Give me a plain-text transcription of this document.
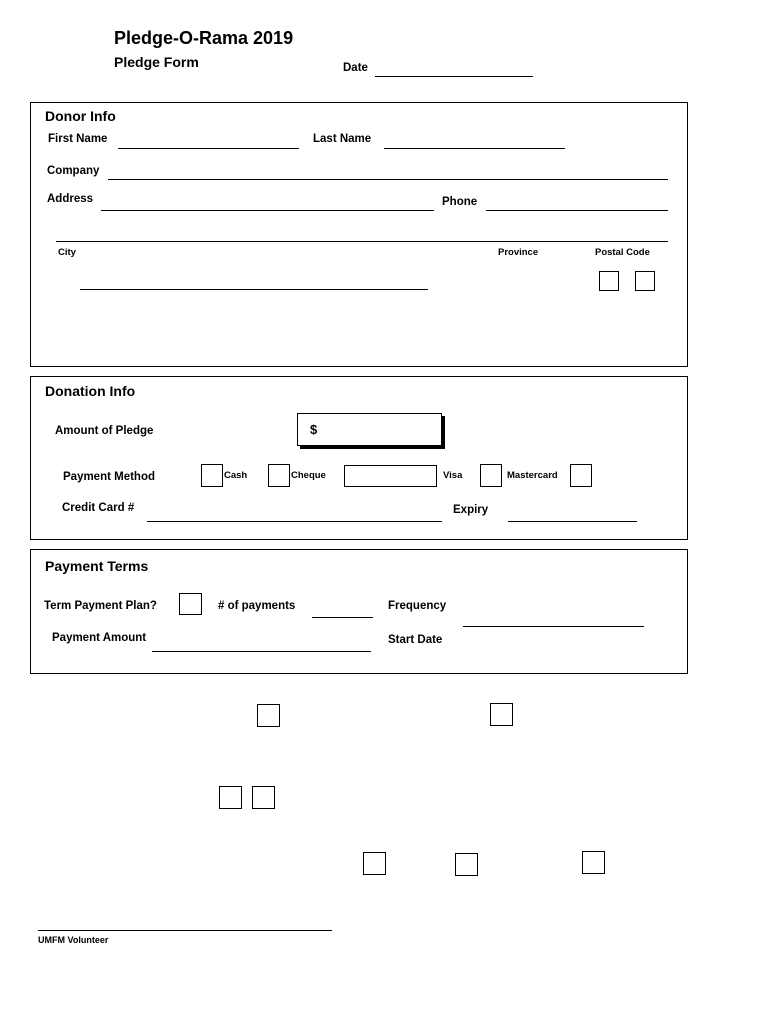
Pledge-O-Rama 2019
Pledge Form	Date
Donor Info
First Name	Last Name
Company
Address	Phone
City	Province	Postal Code
Donation Info
Amount of Pledge	$
Payment Method	Cash	Cheque	Visa	Mastercard
Credit Card #	Expiry
Payment Terms
Term Payment Plan?	# of payments	Frequency
Payment Amount	Start Date
UMFM Volunteer
